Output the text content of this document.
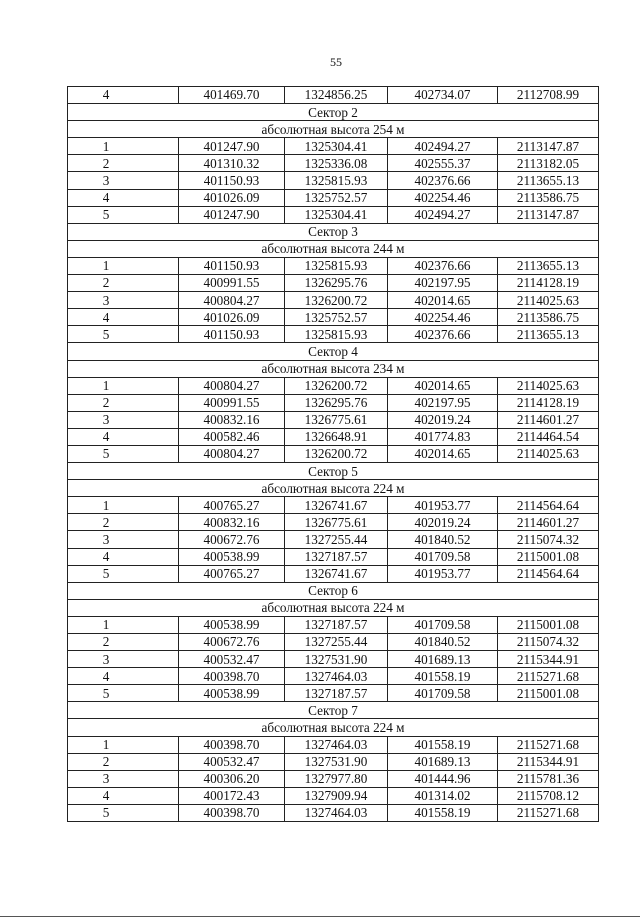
55
4	401469.70	1324856.25	402734.07	2112708.99
Сектор 2				
абсолютная высота 254 м				
1	401247.90	1325304.41	402494.27	2113147.87
2	401310.32	1325336.08	402555.37	2113182.05
3	401150.93	1325815.93	402376.66	2113655.13
4	401026.09	1325752.57	402254.46	2113586.75
5	401247.90	1325304.41	402494.27	2113147.87
Сектор 3				
абсолютная высота 244 м				
1	401150.93	1325815.93	402376.66	2113655.13
2	400991.55	1326295.76	402197.95	2114128.19
3	400804.27	1326200.72	402014.65	2114025.63
4	401026.09	1325752.57	402254.46	2113586.75
5	401150.93	1325815.93	402376.66	2113655.13
Сектор 4				
абсолютная высота 234 м				
1	400804.27	1326200.72	402014.65	2114025.63
2	400991.55	1326295.76	402197.95	2114128.19
3	400832.16	1326775.61	402019.24	2114601.27
4	400582.46	1326648.91	401774.83	2114464.54
5	400804.27	1326200.72	402014.65	2114025.63
Сектор 5				
абсолютная высота 224 м				
1	400765.27	1326741.67	401953.77	2114564.64
2	400832.16	1326775.61	402019.24	2114601.27
3	400672.76	1327255.44	401840.52	2115074.32
4	400538.99	1327187.57	401709.58	2115001.08
5	400765.27	1326741.67	401953.77	2114564.64
Сектор 6				
абсолютная высота 224 м				
1	400538.99	1327187.57	401709.58	2115001.08
2	400672.76	1327255.44	401840.52	2115074.32
3	400532.47	1327531.90	401689.13	2115344.91
4	400398.70	1327464.03	401558.19	2115271.68
5	400538.99	1327187.57	401709.58	2115001.08
Сектор 7				
абсолютная высота 224 м				
1	400398.70	1327464.03	401558.19	2115271.68
2	400532.47	1327531.90	401689.13	2115344.91
3	400306.20	1327977.80	401444.96	2115781.36
4	400172.43	1327909.94	401314.02	2115708.12
5	400398.70	1327464.03	401558.19	2115271.68
